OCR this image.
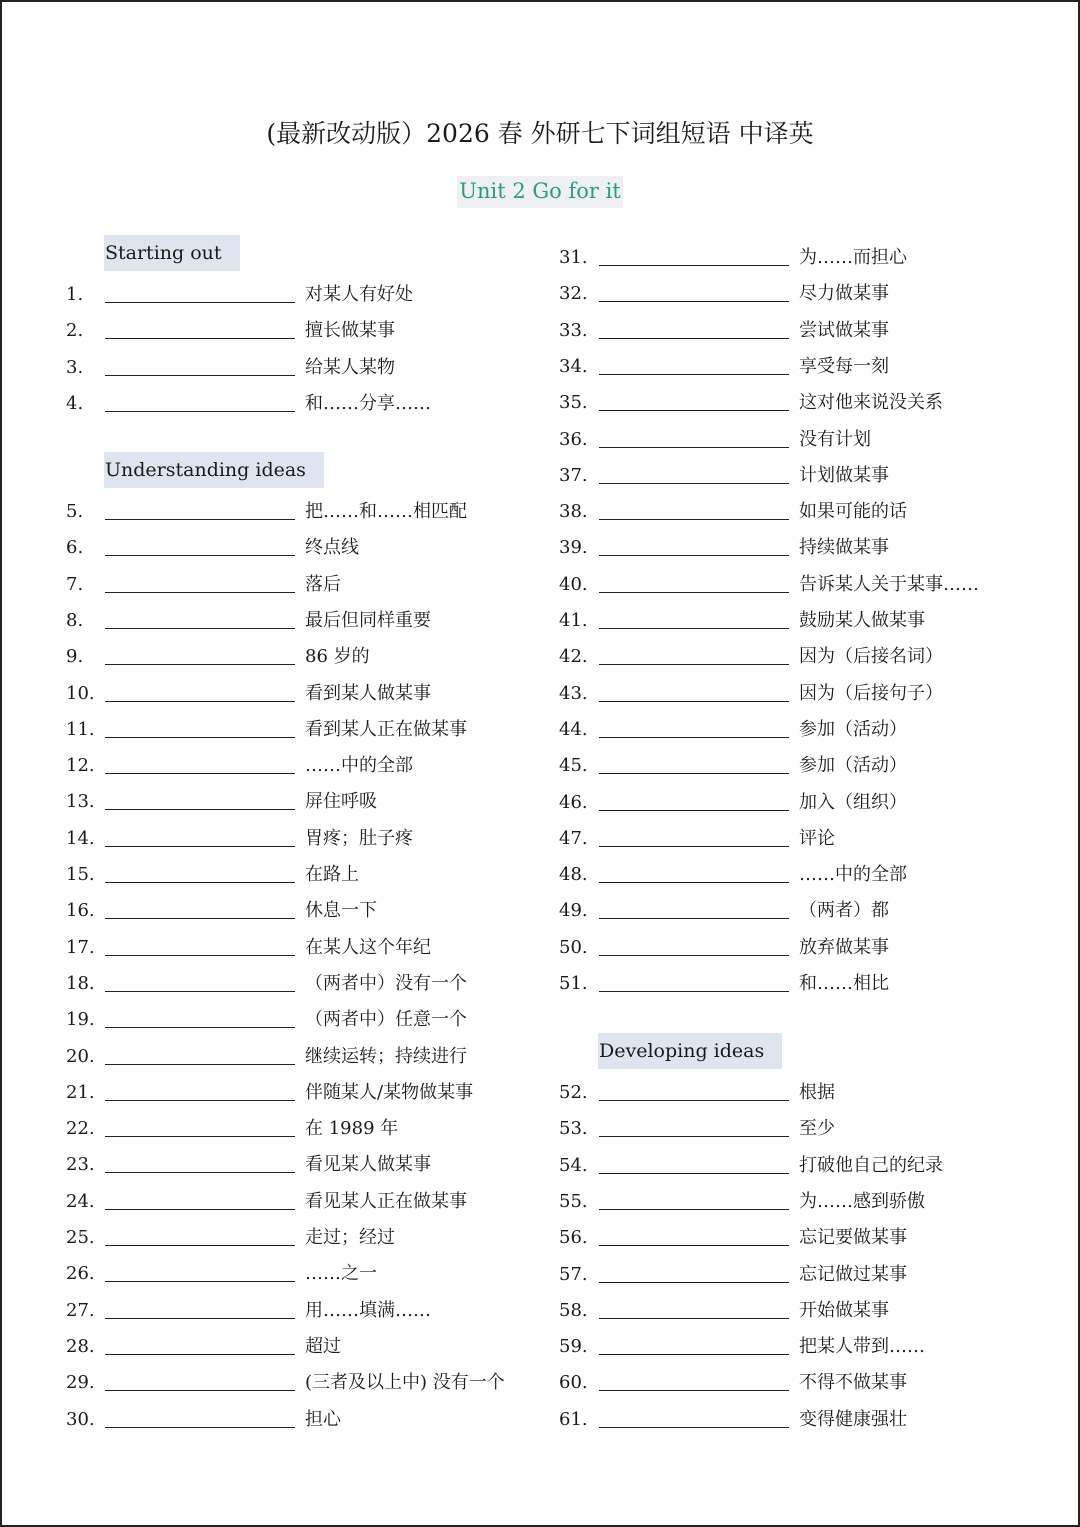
(最新改动版）2026 春 外研七下词组短语 中译英
Unit 2 Go for it
Starting out
Understanding ideas
Developing ideas
1.	对某人有好处
2.	擅长做某事
3.	给某人某物
4.	和……分享……
5.	把……和……相匹配
6.	终点线
7.	落后
8.	最后但同样重要
9.	86 岁的
10.	看到某人做某事
11.	看到某人正在做某事
12.	……中的全部
13.	屏住呼吸
14.	胃疼；肚子疼
15.	在路上
16.	休息一下
17.	在某人这个年纪
18.	（两者中）没有一个
19.	（两者中）任意一个
20.	继续运转；持续进行
21.	伴随某人/某物做某事
22.	在 1989 年
23.	看见某人做某事
24.	看见某人正在做某事
25.	走过；经过
26.	……之一
27.	用……填满……
28.	超过
29.	(三者及以上中) 没有一个
30.	担心
31.	为……而担心
32.	尽力做某事
33.	尝试做某事
34.	享受每一刻
35.	这对他来说没关系
36.	没有计划
37.	计划做某事
38.	如果可能的话
39.	持续做某事
40.	告诉某人关于某事……
41.	鼓励某人做某事
42.	因为（后接名词）
43.	因为（后接句子）
44.	参加（活动）
45.	参加（活动）
46.	加入（组织）
47.	评论
48.	……中的全部
49.	（两者）都
50.	放弃做某事
51.	和……相比
52.	根据
53.	至少
54.	打破他自己的纪录
55.	为……感到骄傲
56.	忘记要做某事
57.	忘记做过某事
58.	开始做某事
59.	把某人带到……
60.	不得不做某事
61.	变得健康强壮
